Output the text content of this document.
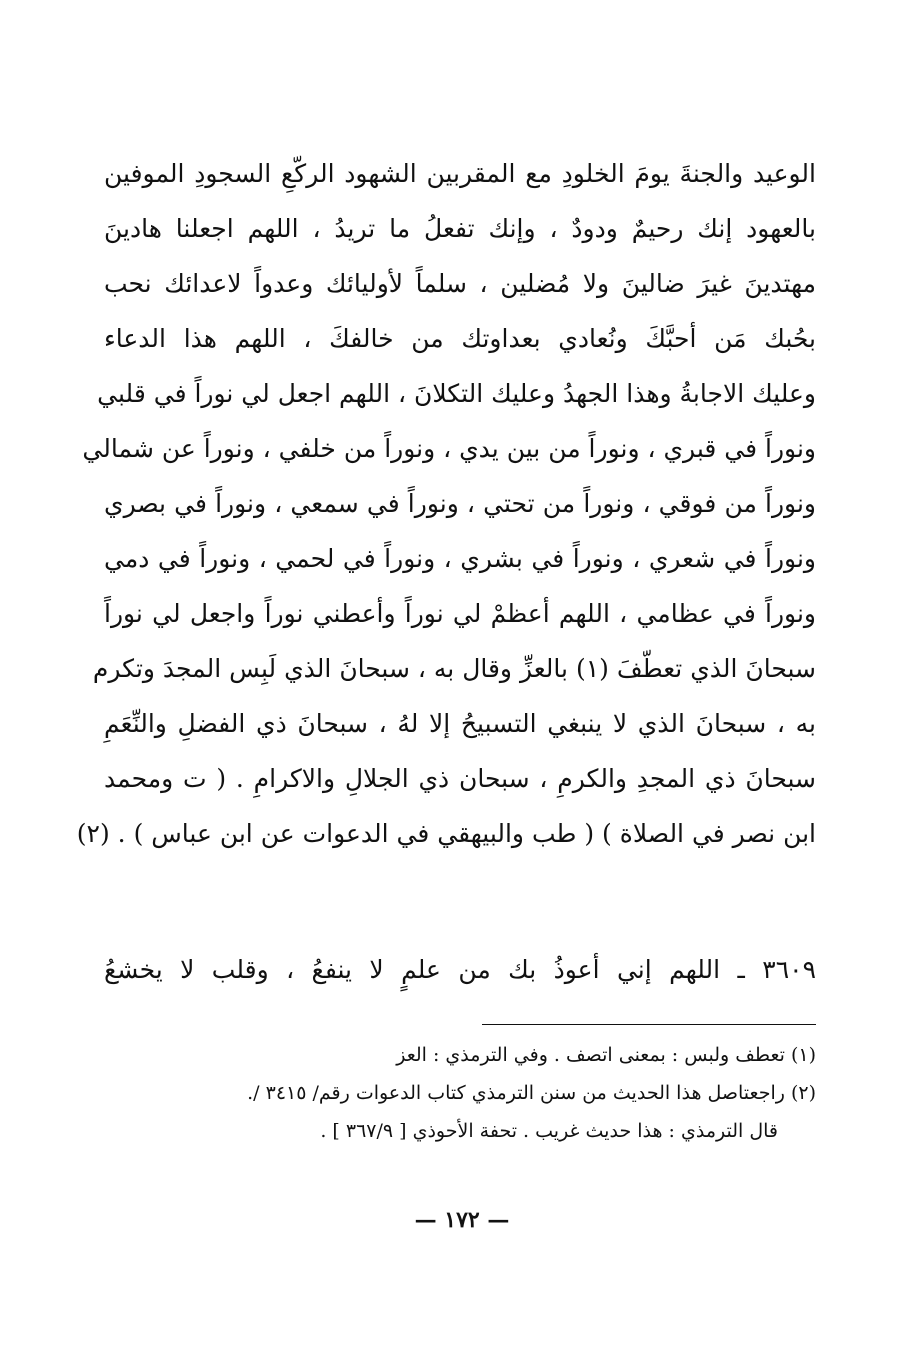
الوعيد والجنةَ يومَ الخلودِ مع المقربين الشهود الركّعِ السجودِ الموفين
بالعهود إنك رحيمٌ ودودٌ ، وإنك تفعلُ ما تريدُ ، اللهم اجعلنا هادينَ
مهتدينَ غيرَ ضالينَ ولا مُضلين ، سلماً لأوليائك وعدواً لاعدائك نحب
بحُبك مَن أحبَّكَ ونُعادي بعداوتك من خالفكَ ، اللهم هذا الدعاء
وعليك الاجابةُ وهذا الجهدُ وعليك التكلانَ ، اللهم اجعل لي نوراً في قلبي
ونوراً في قبري ، ونوراً من بين يدي ، ونوراً من خلفي ، ونوراً عن شمالي
ونوراً من فوقي ، ونوراً من تحتي ، ونوراً في سمعي ، ونوراً في بصري
ونوراً في شعري ، ونوراً في بشري ، ونوراً في لحمي ، ونوراً في دمي
ونوراً في عظامي ، اللهم أعظمْ لي نوراً وأعطني نوراً واجعل لي نوراً
سبحانَ الذي تعطّفَ (١) بالعزِّ وقال به ، سبحانَ الذي لَبِس المجدَ وتكرم
به ، سبحانَ الذي لا ينبغي التسبيحُ إلا لهُ ، سبحانَ ذي الفضلِ والنِّعَمِ
سبحانَ ذي المجدِ والكرمِ ، سبحان ذي الجلالِ والاكرامِ . ( ت ومحمد
ابن نصر في الصلاة ) ( طب والبيهقي في الدعوات عن ابن عباس ) . (٢)
٣٦٠٩ ـ اللهم إني أعوذُ بك من علمٍ لا ينفعُ ، وقلب لا يخشعُ
(١) تعطف ولبس : بمعنى اتصف . وفي الترمذي : العز
(٢) راجعتاصل هذا الحديث من سنن الترمذي كتاب الدعوات رقم/ ٣٤١٥ /.
قال الترمذي : هذا حديث غريب . تحفة الأحوذي [ ٣٦٧/٩ ] .
— ١٧٢ —
